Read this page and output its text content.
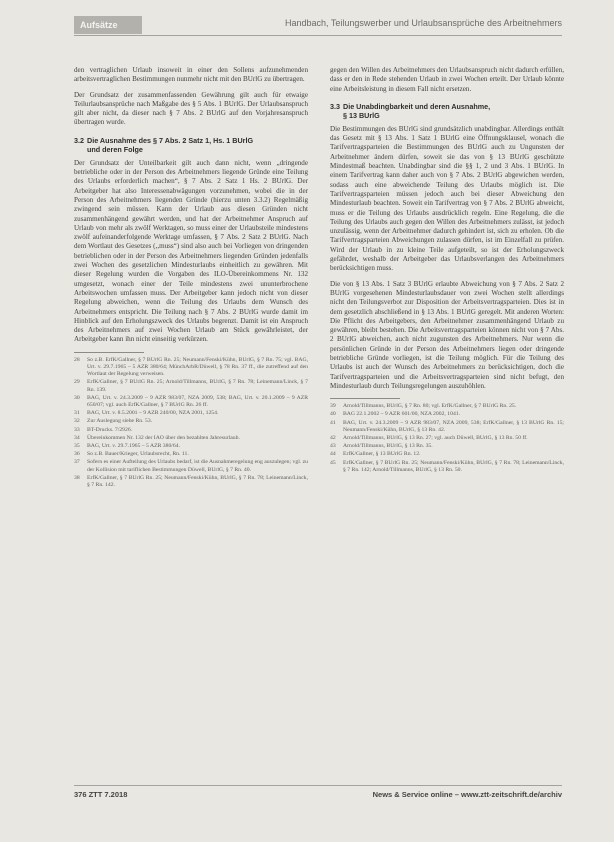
Aufsätze	Handbach, Teilungswerber und Urlaubsansprüche des Arbeitnehmers

den vertraglichen Urlaub insoweit in einer den Sollens aufzunehmenden arbeitsvertraglichen Bestimmungen nunmehr nicht mit den BUrlG zu übertragen.

Der Grundsatz der zusammenfassenden Gewährung gilt auch für etwaige Teilurlaubsansprüche nach Maßgabe des § 5 Abs. 1 BUrlG. Der Urlaubsanspruch gilt aber nicht, da dieser nach § 7 Abs. 2 BUrlG auf den Vorjahresanspruch übertragen wurde.

3.2 Die Ausnahme des § 7 Abs. 2 Satz 1, Hs. 1 BUrlG
und deren Folge

Der Grundsatz der Unteilbarkeit gilt auch dann nicht, wenn „dringende betriebliche oder in der Person des Arbeitnehmers liegende Gründe eine Teilung des Urlaubs erforderlich machen“, § 7 Abs. 2 Satz 1 Hs. 2 BUrlG. Der Arbeitgeber hat also Interessenabwägungen vorzunehmen, wobei die in der Person des Arbeitnehmers liegenden Gründe (hierzu unten 3.3.2) Regelmäßig zwingend sein müssen. Kann der Urlaub aus diesen Gründen nicht zusammenhängend gewährt werden, und hat der Arbeitnehmer Anspruch auf Urlaub von mehr als zwölf Werktagen, so muss einer der Urlaubsteile mindestens zwölf aufeinanderfolgende Werktage umfassen, § 7 Abs. 2 Satz 2 BUrlG. Nach dem Wortlaut des Gesetzes (,,muss“) sind also auch bei Vorliegen von dringenden betrieblichen oder in der Person des Arbeitnehmers liegenden Gründen jedenfalls zwei Wochen des gesetzlichen Mindesturlaubs einheitlich zu gewähren. Mit dieser Regelung wurden die Vorgaben des ILO-Übereinkommens Nr. 132 umgesetzt, wonach einer der Teile mindestens zwei ununterbrochene Arbeitswochen umfassen muss. Der Arbeitgeber kann jedoch nicht von dieser Regelung abweichen, wenn die Teilung des Urlaubs dem Wunsch des Arbeitnehmers entspricht. Die Teilung nach § 7 Abs. 2 BUrlG wurde damit im Hinblick auf den Erholungszweck des Urlaubs begrenzt. Damit ist ein Anspruch des Arbeitnehmers auf zwei Wochen Urlaub am Stück gewährleistet, der Arbeitgeber kann ihn nicht einseitig verkürzen.

28	So z.B. ErfK/Gallner, § 7 BUrlG Rn. 25; Neumann/Fenski/Kühn, BUrlG, § 7 Rn. 75; vgl. BAG, Urt. v. 29.7.1965 – 5 AZR 380/64; MünchArbR/Düwell, § 78 Rn. 37 ff., die zutreffend auf den Wortlaut der Regelung verweisen.
29	ErfK/Gallner, § 7 BUrlG Rn. 25; Arnold/Tillmanns, BUrlG, § 7 Rn. 78; Leinemann/Linck, § 7 Rn. 139.
30	BAG, Urt. v. 24.3.2009 – 9 AZR 983/07, NZA 2009, 538; BAG, Urt. v. 20.1.2009 – 9 AZR 650/07; vgl. auch ErfK/Gallner, § 7 BUrlG Rn. 26 ff.
31	BAG, Urt. v. 8.5.2001 – 9 AZR 240/00, NZA 2001, 1254.
32	Zur Auslegung siehe Rn. 53.
33	BT-Drucks. 7/2926.
34	Übereinkommen Nr. 132 der IAO über den bezahlten Jahresurlaub.
35	BAG, Urt. v. 29.7.1965 – 5 AZR 380/64.
36	So z.B. Bauer/Krieger, Urlaubsrecht, Rn. 11.
37	Sofern es einer Aufteilung des Urlaubs bedarf, ist die Ausnahmeregelung eng auszulegen; vgl. zu der Kollision mit tariflichen Bestimmungen Düwell, BUrlG, § 7 Rn. 40.
38	ErfK/Gallner, § 7 BUrlG Rn. 25; Neumann/Fenski/Kühn, BUrlG, § 7 Rn. 78; Leinemann/Linck, § 7 Rn. 142.

gegen den Willen des Arbeitnehmers den Urlaubsanspruch nicht dadurch erfüllen, dass er den in Rede stehenden Urlaub in zwei Wochen erteilt. Der Urlaub könnte eine Arbeitsleistung in diesem Fall nicht ersetzen.

3.3 Die Unabdingbarkeit und deren Ausnahme,
§ 13 BUrlG

Die Bestimmungen des BUrlG sind grundsätzlich unabdingbar. Allerdings enthält das Gesetz mit § 13 Abs. 1 Satz 1 BUrlG eine Öffnungsklausel, wonach die Tarifvertragsparteien die Bestimmungen des BUrlG auch zu Ungunsten der Arbeitnehmer ändern dürfen, soweit sie das von § 13 BUrlG geschützte Mindestmaß beachten. Unabdingbar sind die §§ 1, 2 und 3 Abs. 1 BUrlG. In einem Tarifvertrag kann daher auch von § 7 Abs. 2 BUrlG abgewichen werden, sodass auch eine abweichende Teilung des Urlaubs möglich ist. Die Tarifvertragsparteien müssen jedoch auch bei dieser Abweichung den Mindesturlaub beachten. Soweit ein Tarifvertrag von § 7 Abs. 2 BUrlG abweicht, muss er die Teilung des Urlaubs ausdrücklich regeln. Eine Regelung, die die Teilung des Urlaubs auch gegen den Willen des Arbeitnehmers zulässt, ist jedoch unzulässig, wenn der Arbeitnehmer dadurch gehindert ist, sich zu erholen. Ob die Tarifvertragsparteien Abweichungen zulassen dürfen, ist im Einzelfall zu prüfen. Wird der Urlaub in zu kleine Teile aufgeteilt, so ist der Erholungszweck gefährdet, weshalb der Arbeitgeber das Urlaubsverlangen des Arbeitnehmers berücksichtigen muss.

Die von § 13 Abs. 1 Satz 3 BUrlG erlaubte Abweichung von § 7 Abs. 2 Satz 2 BUrlG vorgesehenen Mindesturlaubsdauer von zwei Wochen stellt allerdings nicht den Teilungsverbot zur Disposition der Arbeitsvertragsparteien. Dies ist in dem gesetzlich abschließend in § 13 Abs. 1 BUrlG geregelt. Mit anderen Worten: Die Pflicht des Arbeitgebers, den Arbeitnehmer zusammenhängend Urlaub zu gewähren, bleibt bestehen. Die Arbeitsvertragsparteien können nicht von § 7 Abs. 2 BUrlG abweichen, auch nicht zugunsten des Arbeitnehmers. Nur wenn die persönlichen Gründe in der Person des Arbeitnehmers liegen oder dringende betriebliche Gründe vorliegen, ist die Teilung möglich. Für die Teilung des Urlaubs ist auch der Wunsch des Arbeitnehmers zu berücksichtigen, doch die Tarifvertragsparteien und die Arbeitsvertragsparteien sind nicht befugt, den Mindesturlaub durch Teilungsregelungen auszuhöhlen.

39	Arnold/Tillmanns, BUrlG, § 7 Rn. 80; vgl. ErfK/Gallner, § 7 BUrlG Rn. 25.
40	BAG 22.1.2002 – 9 AZR 601/00, NZA 2002, 1041.
41	BAG, Urt. v. 24.3.2009 – 9 AZR 983/07, NZA 2009, 538; ErfK/Gallner, § 13 BUrlG Rn. 15; Neumann/Fenski/Kühn, BUrlG, § 13 Rn. 42.
42	Arnold/Tillmanns, BUrlG, § 13 Rn. 27; vgl. auch Düwell, BUrlG, § 13 Rn. 50 ff.
43	Arnold/Tillmanns, BUrlG, § 13 Rn. 35.
44	ErfK/Gallner, § 13 BUrlG Rn. 12.
45	ErfK/Gallner, § 7 BUrlG Rn. 25; Neumann/Fenski/Kühn, BUrlG, § 7 Rn. 78; Leinemann/Linck, § 7 Rn. 142; Arnold/Tillmanns, BUrlG, § 13 Rn. 50.
376 ZTT 7.2018	News & Service online – www.ztt-zeitschrift.de/archiv
